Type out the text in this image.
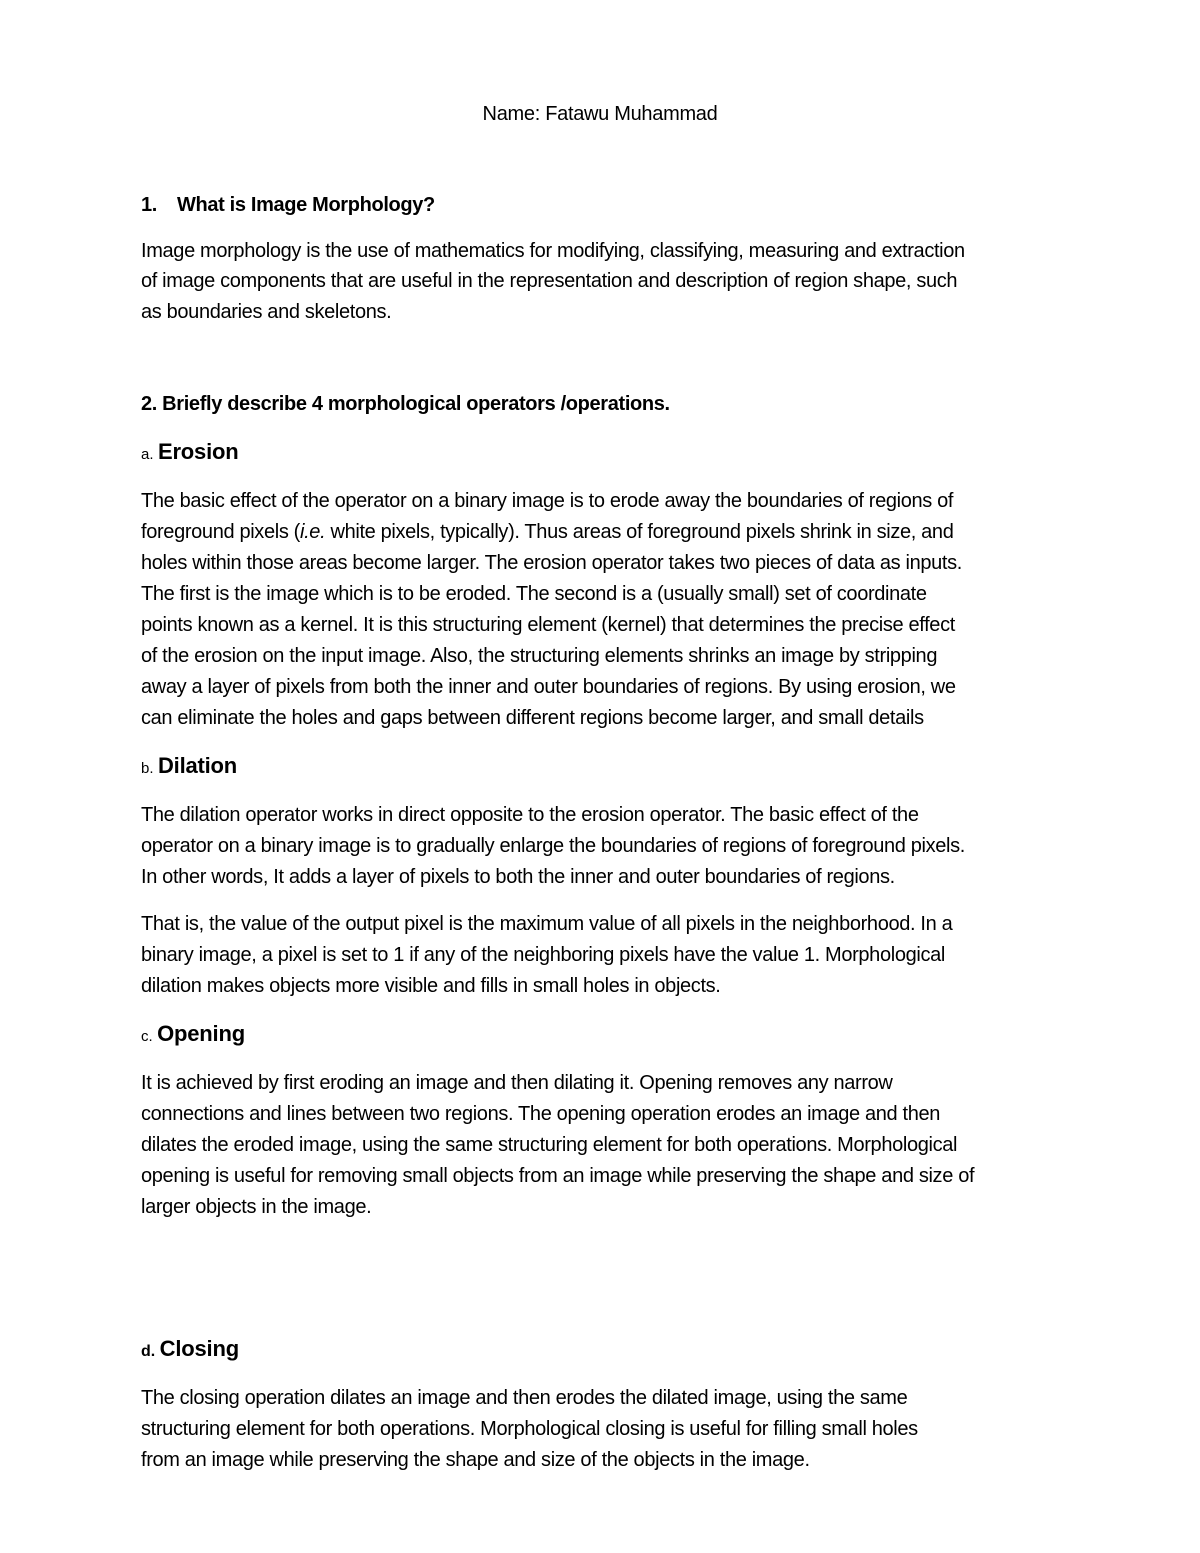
Name: Fatawu Muhammad
1. What is Image Morphology?
Image morphology is the use of mathematics for modifying, classifying, measuring and extraction
of image components that are useful in the representation and description of region shape, such
as boundaries and skeletons.
2. Briefly describe 4 morphological operators /operations.
a. Erosion
The basic effect of the operator on a binary image is to erode away the boundaries of regions of
foreground pixels (i.e. white pixels, typically). Thus areas of foreground pixels shrink in size, and
holes within those areas become larger. The erosion operator takes two pieces of data as inputs.
The first is the image which is to be eroded. The second is a (usually small) set of coordinate
points known as a kernel. It is this structuring element (kernel) that determines the precise effect
of the erosion on the input image. Also, the structuring elements shrinks an image by stripping
away a layer of pixels from both the inner and outer boundaries of regions. By using erosion, we
can eliminate the holes and gaps between different regions become larger, and small details
b. Dilation
The dilation operator works in direct opposite to the erosion operator. The basic effect of the
operator on a binary image is to gradually enlarge the boundaries of regions of foreground pixels.
In other words, It adds a layer of pixels to both the inner and outer boundaries of regions.
That is, the value of the output pixel is the maximum value of all pixels in the neighborhood. In a
binary image, a pixel is set to 1 if any of the neighboring pixels have the value 1. Morphological
dilation makes objects more visible and fills in small holes in objects.
c. Opening
It is achieved by first eroding an image and then dilating it. Opening removes any narrow
connections and lines between two regions. The opening operation erodes an image and then
dilates the eroded image, using the same structuring element for both operations. Morphological
opening is useful for removing small objects from an image while preserving the shape and size of
larger objects in the image.
d. Closing
The closing operation dilates an image and then erodes the dilated image, using the same
structuring element for both operations. Morphological closing is useful for filling small holes
from an image while preserving the shape and size of the objects in the image.
